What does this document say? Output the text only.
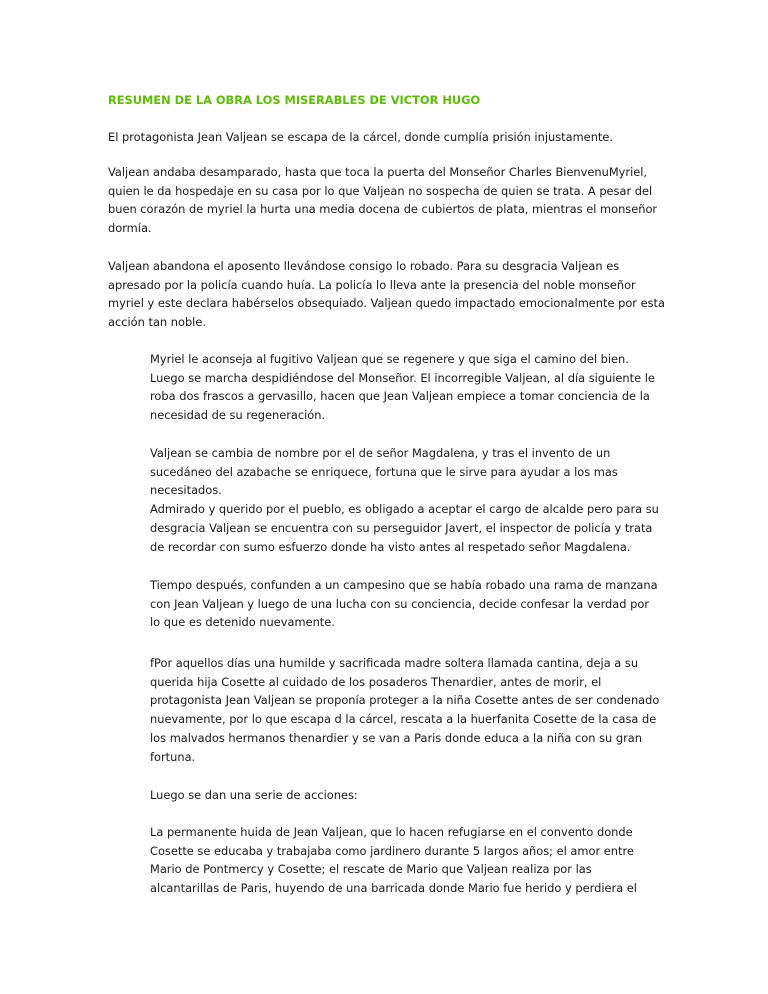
RESUMEN DE LA OBRA LOS MISERABLES DE VICTOR HUGO
El protagonista Jean Valjean se escapa de la cárcel, donde cumplía prisión injustamente.
Valjean andaba desamparado, hasta que toca la puerta del Monseñor Charles BienvenuMyriel,
quien le da hospedaje en su casa por lo que Valjean no sospecha de quien se trata. A pesar del
buen corazón de myriel la hurta una media docena de cubiertos de plata, mientras el monseñor
dormía.
Valjean abandona el aposento llevándose consigo lo robado. Para su desgracia Valjean es
apresado por la policía cuando huía. La policía lo lleva ante la presencia del noble monseñor
myriel y este declara habérselos obsequiado. Valjean quedo impactado emocionalmente por esta
acción tan noble.
Myriel le aconseja al fugitivo Valjean que se regenere y que siga el camino del bien.
Luego se marcha despidiéndose del Monseñor. El incorregible Valjean, al día siguiente le
roba dos frascos a gervasillo, hacen que Jean Valjean empiece a tomar conciencia de la
necesidad de su regeneración.
Valjean se cambia de nombre por el de señor Magdalena, y tras el invento de un
sucedáneo del azabache se enriquece, fortuna que le sirve para ayudar a los mas
necesitados.
Admirado y querido por el pueblo, es obligado a aceptar el cargo de alcalde pero para su
desgracia Valjean se encuentra con su perseguidor Javert, el inspector de policía y trata
de recordar con sumo esfuerzo donde ha visto antes al respetado señor Magdalena.
Tiempo después, confunden a un campesino que se había robado una rama de manzana
con Jean Valjean y luego de una lucha con su conciencia, decide confesar la verdad por
lo que es detenido nuevamente.
fPor aquellos días una humilde y sacrificada madre soltera llamada cantina, deja a su
querida hija Cosette al cuidado de los posaderos Thenardier, antes de morir, el
protagonista Jean Valjean se proponía proteger a la niña Cosette antes de ser condenado
nuevamente, por lo que escapa d la cárcel, rescata a la huerfanita Cosette de la casa de
los malvados hermanos thenardier y se van a Paris donde educa a la niña con su gran
fortuna.
Luego se dan una serie de acciones:
La permanente huida de Jean Valjean, que lo hacen refugiarse en el convento donde
Cosette se educaba y trabajaba como jardinero durante 5 largos años; el amor entre
Mario de Pontmercy y Cosette; el rescate de Mario que Valjean realiza por las
alcantarillas de Paris, huyendo de una barricada donde Mario fue herido y perdiera el
